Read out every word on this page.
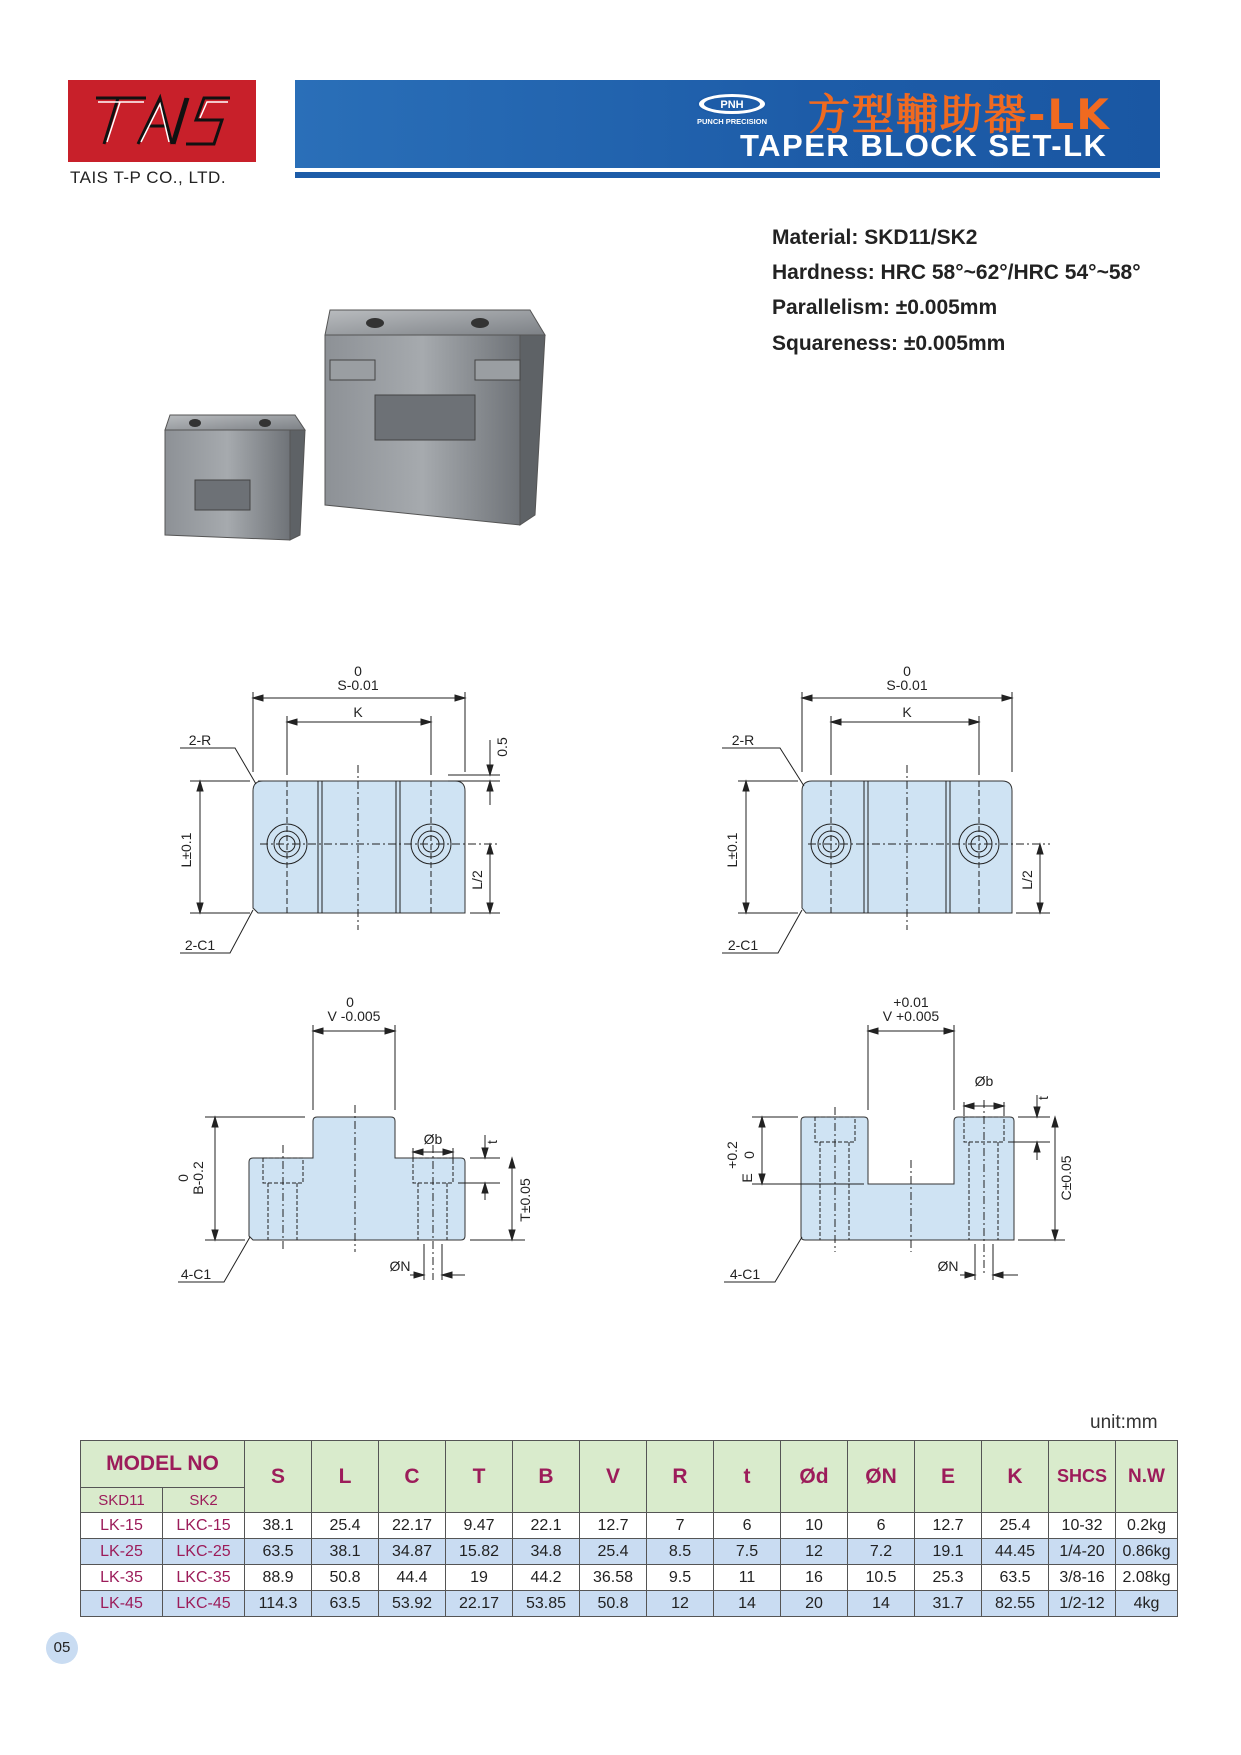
TAIS T-P CO., LTD.
PNH
PUNCH PRECISION 方型輔助器-LK
TAPER BLOCK SET-LK
Material: SKD11/SK2
Hardness: HRC 58°~62°/HRC 54°~58°
Parallelism: ±0.005mm
Squareness: ±0.005mm
0
S-0.01
K
2-R
2-C1
L±0.1
L/2
0.5
0
S-0.01
K
2-R
2-C1
L±0.1
L/2
0
V -0.005
0 B-0.2
Øb	t
T±0.05
ØN
4-C1
+0.01
V +0.005
+0.2 0
E
Øb
t
C±0.05
ØN
4-C1
unit:mm
MODEL NO		S	L	C	T	B	V	R	t	Ød	ØN	E	K	SHCS	N.W
SKD11	SK2														
LK-15	LKC-15	38.1	25.4	22.17	9.47	22.1	12.7	7	6	10	6	12.7	25.4	10-32	0.2kg
LK-25	LKC-25	63.5	38.1	34.87	15.82	34.8	25.4	8.5	7.5	12	7.2	19.1	44.45	1/4-20	0.86kg
LK-35	LKC-35	88.9	50.8	44.4	19	44.2	36.58	9.5	11	16	10.5	25.3	63.5	3/8-16	2.08kg
LK-45	LKC-45	114.3	63.5	53.92	22.17	53.85	50.8	12	14	20	14	31.7	82.55	1/2-12	4kg
05
